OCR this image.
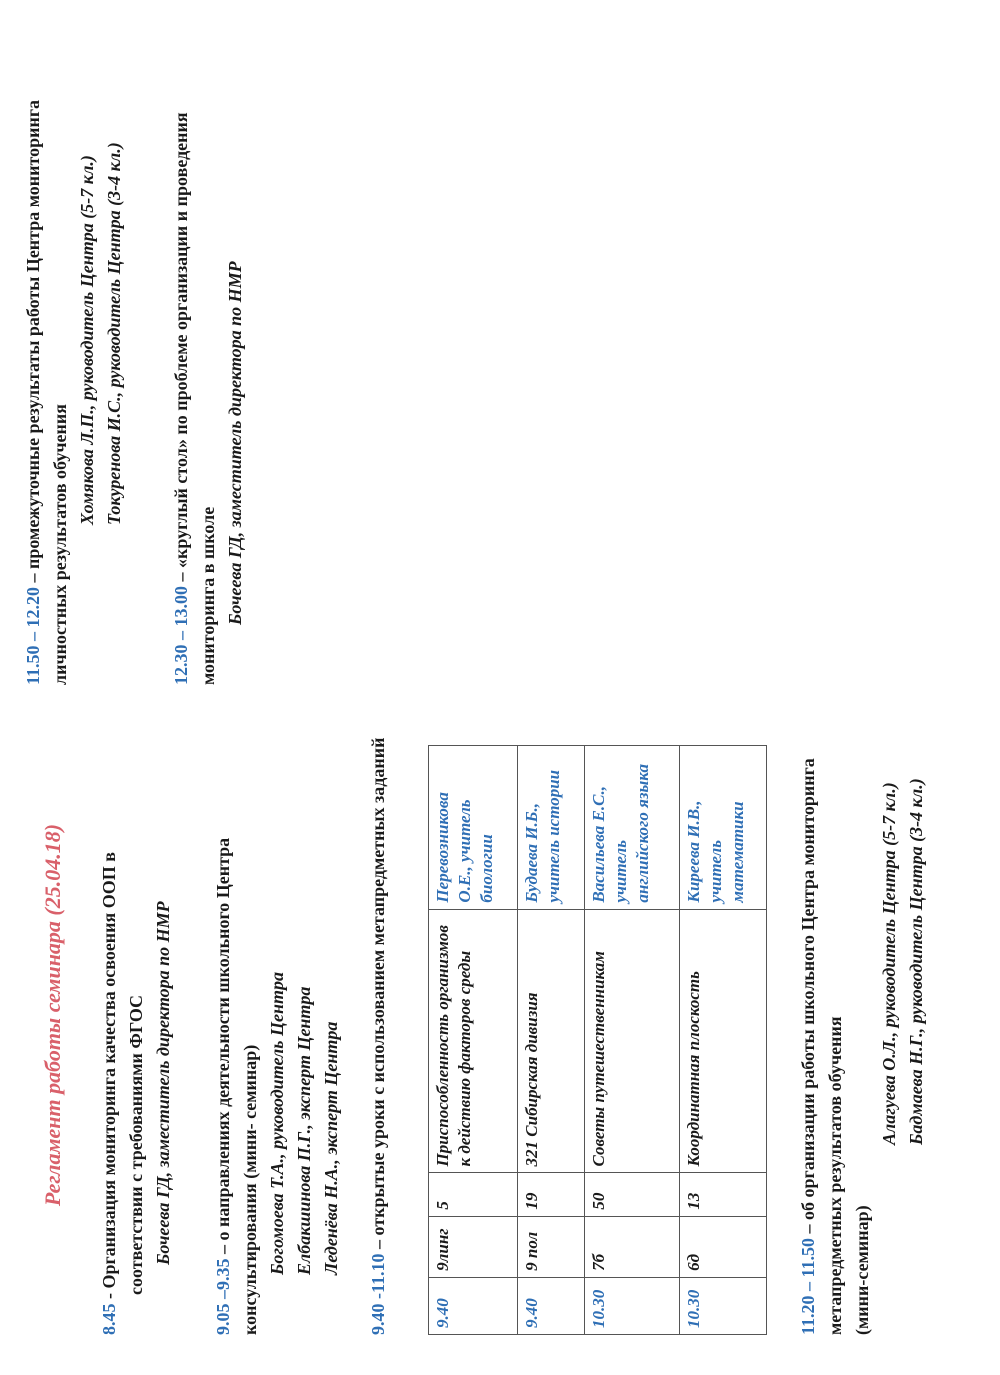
Регламент работы семинара (25.04.18)
8.45 - Организация мониторинга качества освоения ООП в соответствии с требованиями ФГОС Бочеева ГД, заместитель директора по НМР
9.05 –9.35 – о направлениях деятельности школьного Центра консультирования (мини- семинар) Богомоева Т.А., руководитель Центра Елбакшинова П.Г., эксперт Центра Леденёва Н.А., эксперт Центра
9.40 -11.10 – открытые уроки с использованием метапредметных заданий
9.40	9линг	5	Приспособленность организмов к действию факторов среды	Перевозникова О.Е., учитель биологии
9.40	9 пол	19	321 Сибирская дивизия	Будаева И.Б., учитель истории
10.30	7б	50	Советы путешественникам	Васильева Е.С., учитель английского языка
10.30	6д	13	Координатная плоскость	Киреева И.В., учитель математики
11.20 – 11.50 – об организации работы школьного Центра мониторинга метапредметных результатов обучения (мини-семинар)
Алагуева О.Л., руководитель Центра (5-7 кл.) Бадмаева Н.Г., руководитель Центра (3-4 кл.)
11.50 – 12.20 – промежуточные результаты работы Центра мониторинга личностных результатов обучения
Хомякова Л.П., руководитель Центра (5-7 кл.) Токуренова И.С., руководитель Центра (3-4 кл.)
12.30 – 13.00 – «круглый стол» по проблеме организации и проведения мониторинга в школе Бочеева ГД, заместитель директора по НМР
